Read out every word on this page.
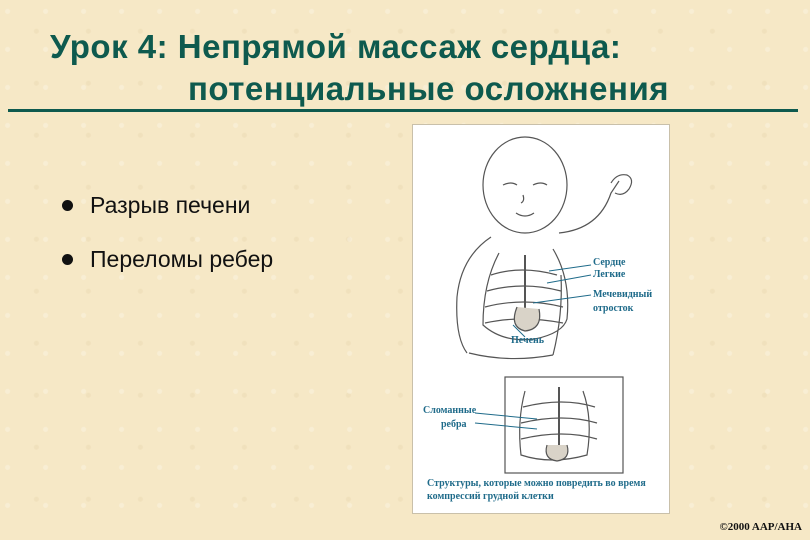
Урок 4: Непрямой массаж сердца:
потенциальные осложнения
Разрыв печени
Переломы ребер	Сердце
Легкие
Мечевидный
отросток
Печень
Сломанные
ребра
Структуры, которые можно повредить во время компрессий грудной клетки
©2000 AAP/AHA
